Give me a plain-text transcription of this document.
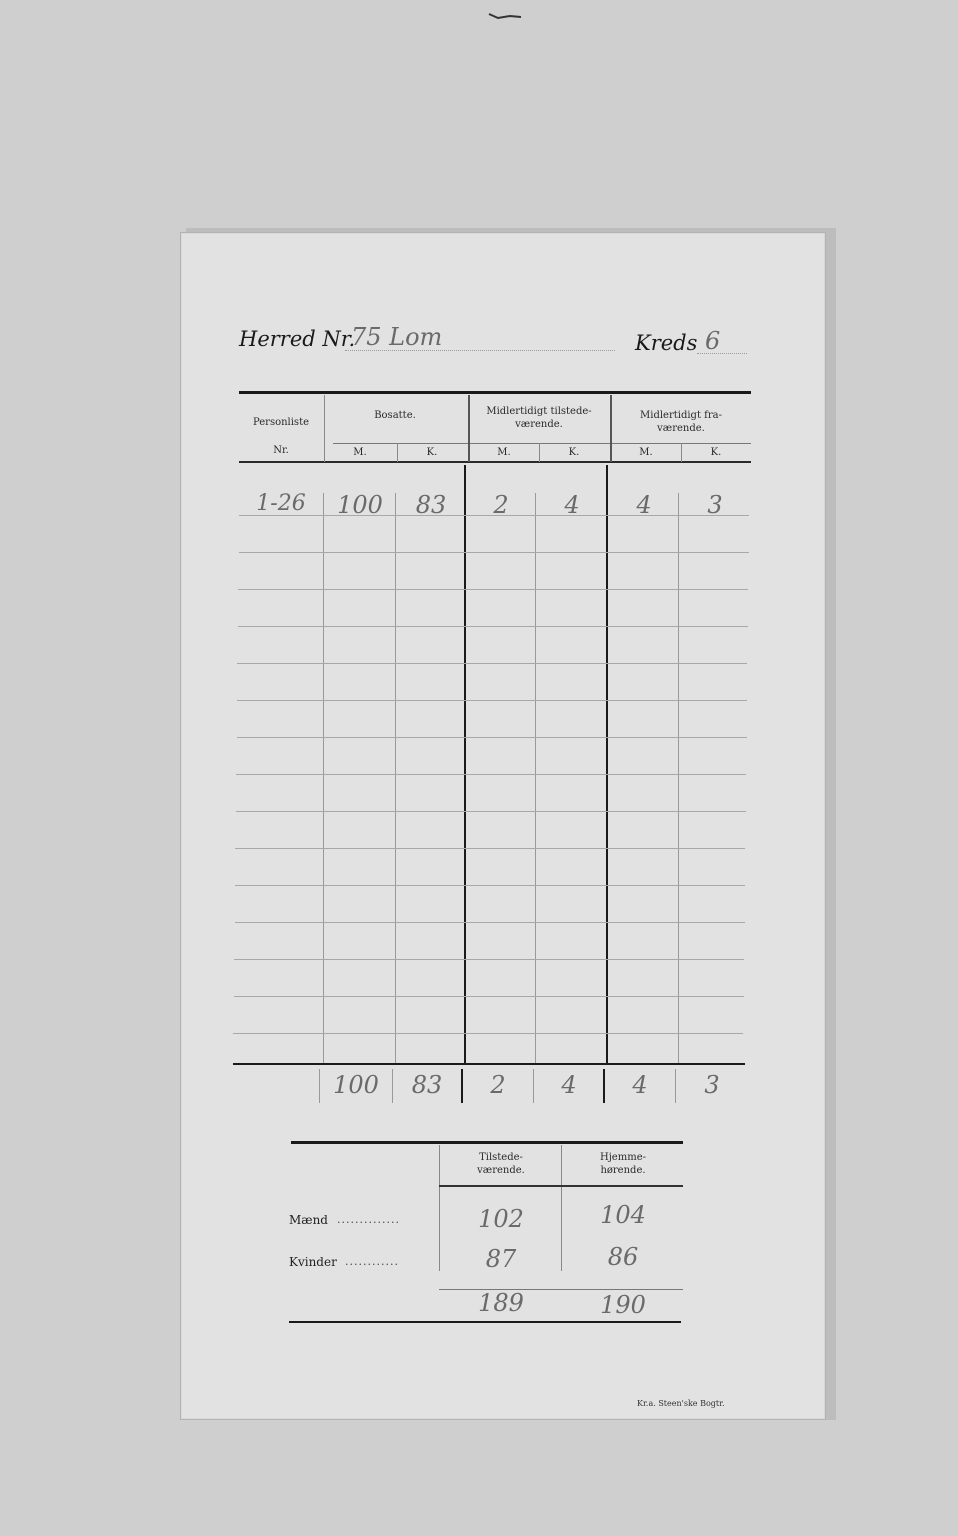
Herred Nr.
75 Lom	Kreds 6
Personliste
Nr.
Bosatte.	Midlertidigt tilstede-
værende.
Midlertidigt fra-
værende.
M.	K.	M.	K.	M.	K.
1-26	100	83	2	4	4	3
100	83	2	4	4	3
Tilstede-
værende.
Hjemme-
hørende.
Mænd ..............	102	104
Kvinder ............	87	86
189	190
Kr.a. Steen'ske Bogtr.
